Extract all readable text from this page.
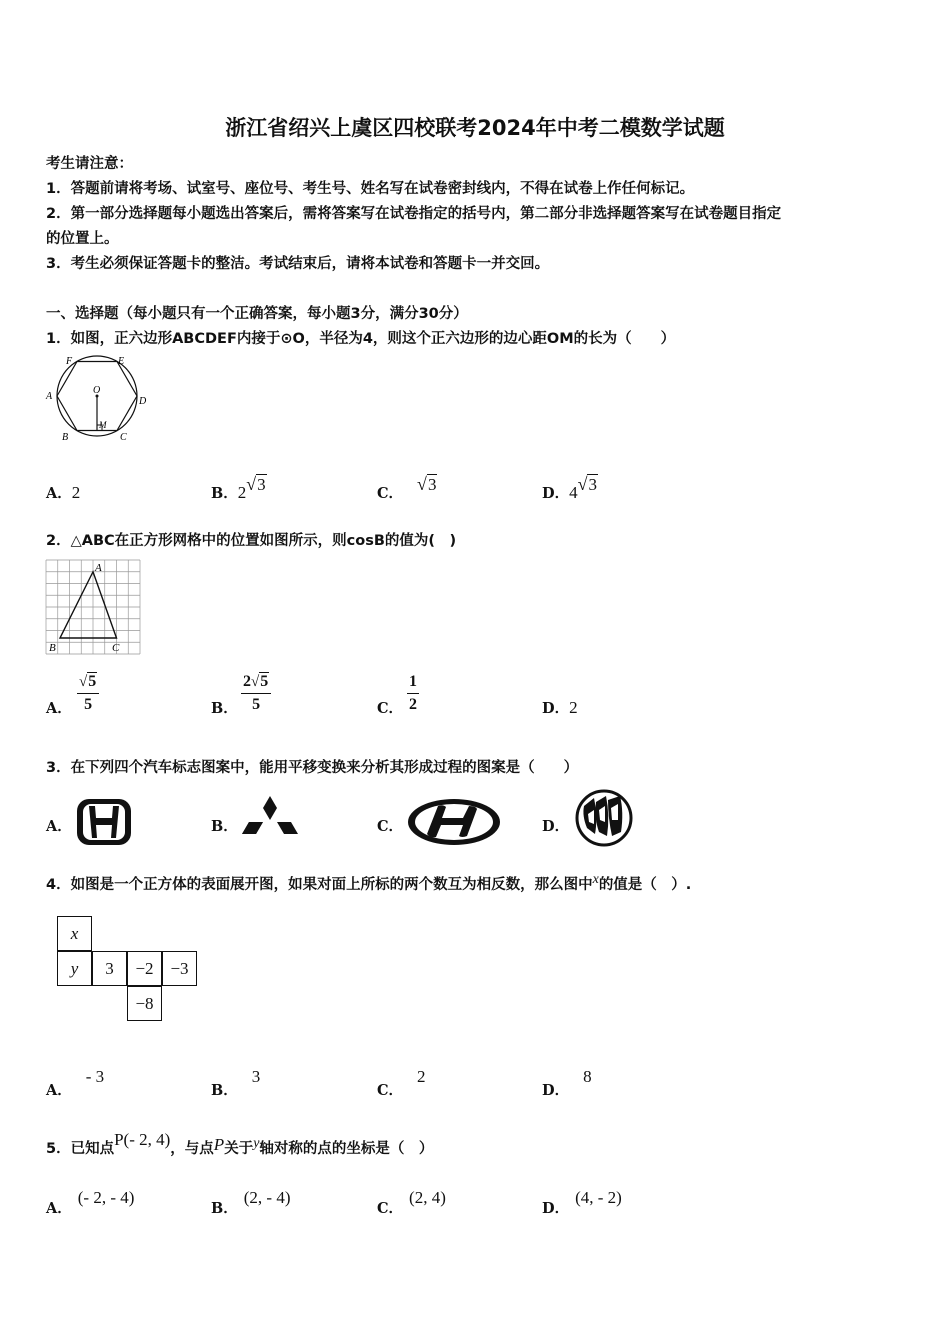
浙江省绍兴上虞区四校联考2024年中考二模数学试题
考生请注意：
1．答题前请将考场、试室号、座位号、考生号、姓名写在试卷密封线内，不得在试卷上作任何标记。
2．第一部分选择题每小题选出答案后，需将答案写在试卷指定的括号内，第二部分非选择题答案写在试卷题目指定
的位置上。
3．考生必须保证答题卡的整洁。考试结束后，请将本试卷和答题卡一并交回。
一、选择题（每小题只有一个正确答案，每小题3分，满分30分）
1．如图，正六边形ABCDEF内接于⊙O，半径为4，则这个正六边形的边心距OM的长为（　　）
A
F	E
D
C
B
O
M
A．2	B．2√3	C． √3	D．4√3
2．△ABC在正方形网格中的位置如图所示，则cosB的值为(　)
A
B	C
A． $\frac{√5}{5}$	B． $\frac{2√5}{5}$	C． $\frac{1}{2}$	D．2
3．在下列四个汽车标志图案中，能用平移变换来分析其形成过程的图案是（　　）
A．	B．	C．	D．
4．如图是一个正方体的表面展开图，如果对面上所标的两个数互为相反数，那么图中x的值是（　）.
x
y	3	−2 −3
−8
A．- 3
B．3
C．2
D．8
5．已知点P(- 2, 4)，与点P关于y轴对称的点的坐标是（　）
A．(- 2, - 4)
B．(2, - 4)
C．(2, 4)
D．(4, - 2)
